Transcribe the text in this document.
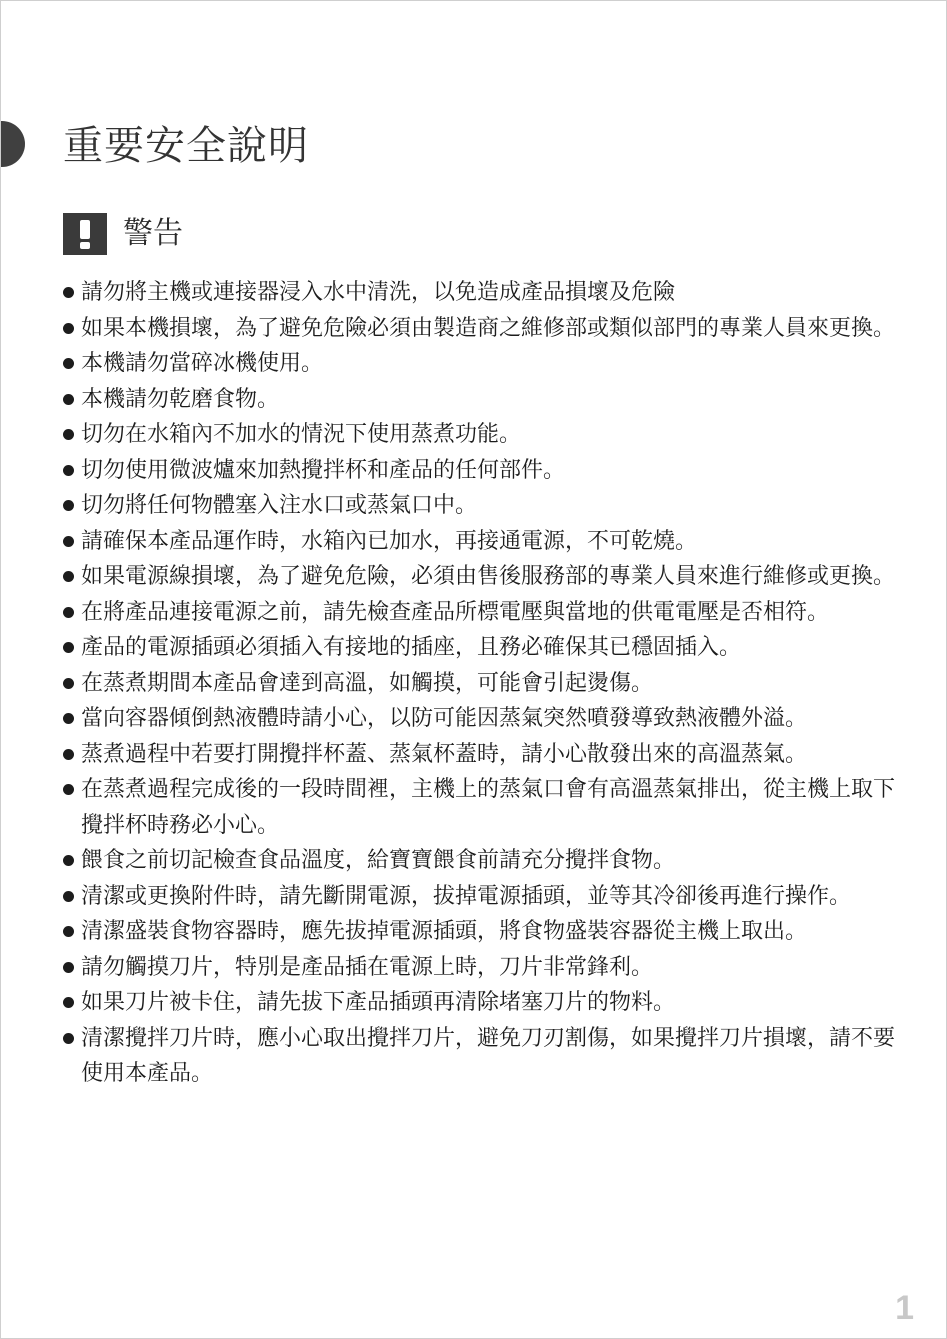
重要安全說明
警告
請勿將主機或連接器浸入水中清洗，以免造成產品損壞及危險
如果本機損壞，為了避免危險必須由製造商之維修部或類似部門的專業人員來更換。
本機請勿當碎冰機使用。
本機請勿乾磨食物。
切勿在水箱內不加水的情況下使用蒸煮功能。
切勿使用微波爐來加熱攪拌杯和產品的任何部件。
切勿將任何物體塞入注水口或蒸氣口中。
請確保本產品運作時，水箱內已加水，再接通電源，不可乾燒。
如果電源線損壞，為了避免危險，必須由售後服務部的專業人員來進行維修或更換。
在將產品連接電源之前，請先檢查產品所標電壓與當地的供電電壓是否相符。
產品的電源插頭必須插入有接地的插座，且務必確保其已穩固插入。
在蒸煮期間本產品會達到高溫，如觸摸，可能會引起燙傷。
當向容器傾倒熱液體時請小心，以防可能因蒸氣突然噴發導致熱液體外溢。
蒸煮過程中若要打開攪拌杯蓋、蒸氣杯蓋時，請小心散發出來的高溫蒸氣。
在蒸煮過程完成後的一段時間裡，主機上的蒸氣口會有高溫蒸氣排出，從主機上取下攪拌杯時務必小心。
餵食之前切記檢查食品溫度，給寶寶餵食前請充分攪拌食物。
清潔或更換附件時，請先斷開電源，拔掉電源插頭，並等其冷卻後再進行操作。
清潔盛裝食物容器時，應先拔掉電源插頭，將食物盛裝容器從主機上取出。
請勿觸摸刀片，特別是產品插在電源上時，刀片非常鋒利。
如果刀片被卡住，請先拔下產品插頭再清除堵塞刀片的物料。
清潔攪拌刀片時，應小心取出攪拌刀片，避免刀刃割傷，如果攪拌刀片損壞，請不要使用本產品。
1
